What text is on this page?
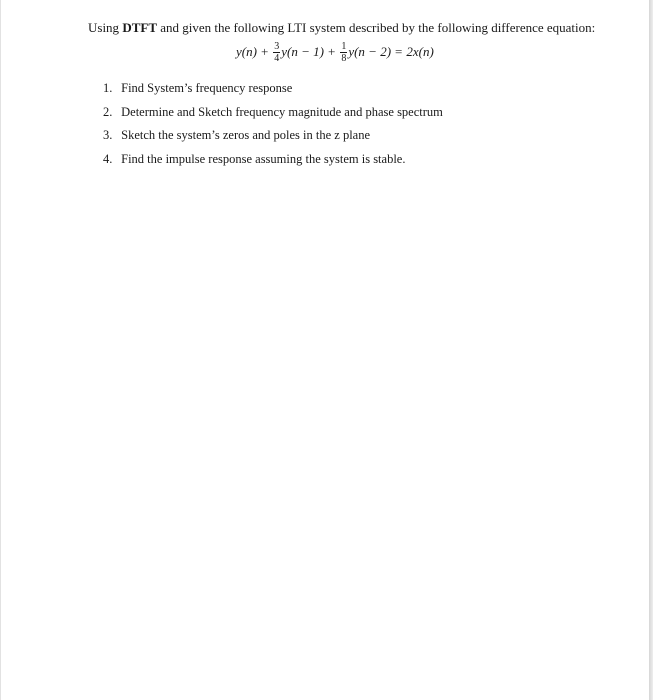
Using DTFT and given the following LTI system described by the following difference equation:

$y(n) + \frac{3}{4} y(n - 1) + \frac{1}{8} y(n - 2) = 2x(n)$
1. Find System’s frequency response
2. Determine and Sketch frequency magnitude and phase spectrum
3. Sketch the system’s zeros and poles in the z plane
4. Find the impulse response assuming the system is stable.
